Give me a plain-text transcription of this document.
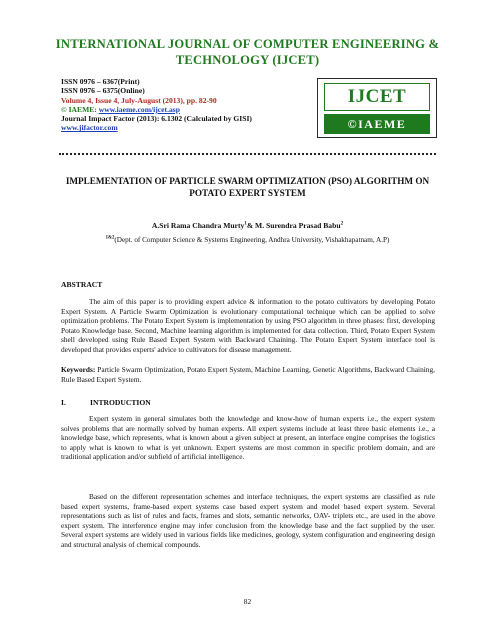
INTERNATIONAL JOURNAL OF COMPUTER ENGINEERING & TECHNOLOGY (IJCET)
ISSN 0976 – 6367(Print)
ISSN 0976 – 6375(Online)
Volume 4, Issue 4, July-August (2013), pp. 82-90
© IAEME: www.iaeme.com/ijcet.asp
Journal Impact Factor (2013): 6.1302 (Calculated by GISI)
www.jifactor.com
IJCET
©IAEME
IMPLEMENTATION OF PARTICLE SWARM OPTIMIZATION (PSO) ALGORITHM ON POTATO EXPERT SYSTEM
A.Sri Rama Chandra Murty$^1$& M. Surendra Prasad Babu$^2$
$^{1\&2}$(Dept. of Computer Science & Systems Engineering, Andhra University, Vishakhapatnam, A.P)
ABSTRACT
The aim of this paper is to providing expert advice & information to the potato cultivators by developing Potato Expert System. A Particle Swarm Optimization is evolutionary computational technique which can be applied to solve optimization problems. The Potato Expert System is implementation by using PSO algorithm in three phases: first, developing Potato Knowledge base. Second, Machine learning algorithm is implemented for data collection. Third, Potato Expert System shell developed using Rule Based Expert System with Backward Chaining. The Potato Expert System interface tool is developed that provides experts' advice to cultivators for disease management.
Keywords: Particle Swarm Optimization, Potato Expert System, Machine Learning, Genetic Algorithms, Backward Chaining, Rule Based Expert System.
I.	INTRODUCTION
Expert system in general simulates both the knowledge and know-how of human experts i.e., the expert system solves problems that are normally solved by human experts. All expert systems include at least three basic elements i.e., a knowledge base, which represents, what is known about a given subject at present, an interface engine comprises the logistics to apply what is known to what is yet unknown. Expert systems are most common in specific problem domain, and are traditional application and/or subfield of artificial intelligence.
Based on the different representation schemes and interface techniques, the expert systems are classified as rule based expert systems, frame-based expert systems case based expert system and model based expert system. Several representations such as list of rules and facts, frames and slots, semantic networks, OAV- triplets etc., are used in the above expert system. The interference engine may infer conclusion from the knowledge base and the fact supplied by the user. Several expert systems are widely used in various fields like medicines, geology, system configuration and engineering design and structural analysis of chemical compounds.
82
